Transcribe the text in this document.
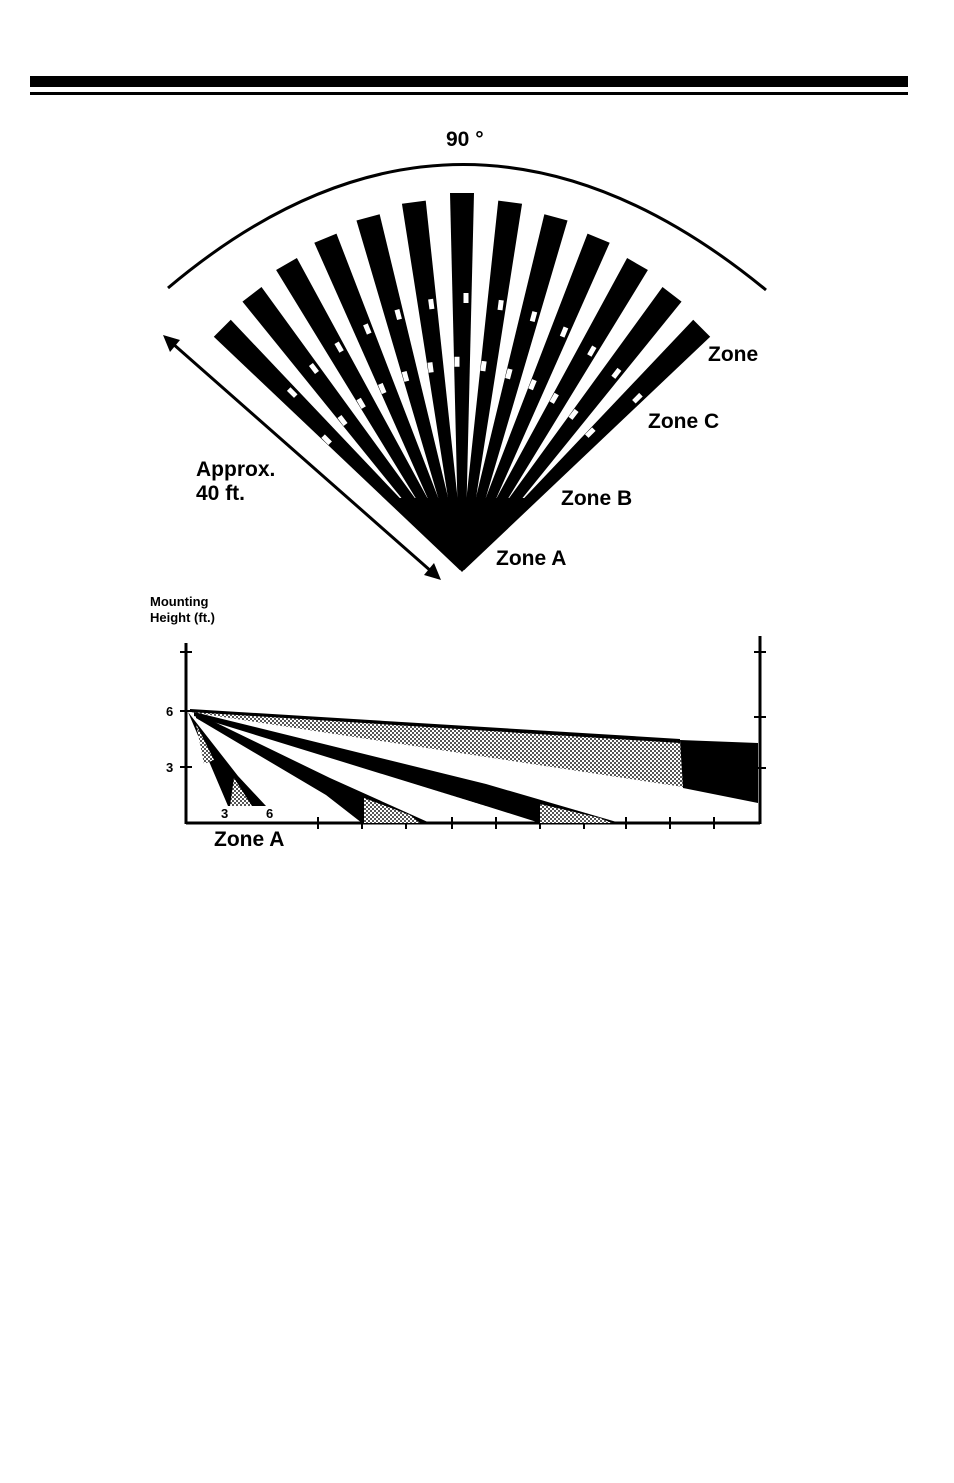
90 °
Approx.
40 ft.
Zone
Zone C
Zone B
Zone A
Mounting
Height (ft.)
6
3
3	6
Zone A
